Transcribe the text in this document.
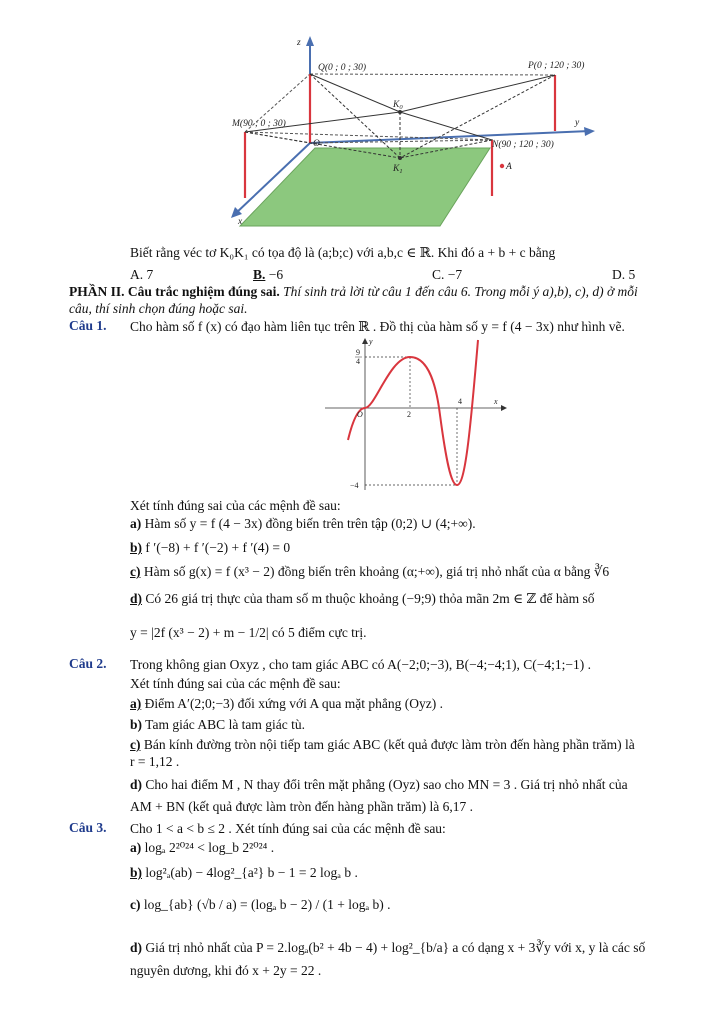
z
y
x
Q(0 ; 0 ; 30)	P(0 ; 120 ; 30)
M(90 ; 0 ; 30)
N(90 ; 120 ; 30)
O
$K_0$
$K_1$	A
Biết rằng véc tơ K₀K₁ có tọa độ là (a;b;c) với a,b,c ∈ ℝ. Khi đó a + b + c bằng
A. 7	B. −6	C. −7	D. 5
PHẦN II. Câu trắc nghiệm đúng sai. Thí sinh trả lời từ câu 1 đến câu 6. Trong mỗi ý a),b), c), d) ở mỗi
câu, thí sinh chọn đúng hoặc sai.
Câu 1. Cho hàm số f (x) có đạo hàm liên tục trên ℝ . Đồ thị của hàm số y = f (4 − 3x) như hình vẽ.
y
x
O	2
4
9
4
−4
Xét tính đúng sai của các mệnh đề sau:
a) Hàm số y = f (4 − 3x) đồng biến trên trên tập (0;2) ∪ (4;+∞).
b) f ′(−8) + f ′(−2) + f ′(4) = 0
c) Hàm số g(x) = f (x³ − 2) đồng biến trên khoảng (α;+∞), giá trị nhỏ nhất của α bằng ∛6
d) Có 26 giá trị thực của tham số m thuộc khoảng (−9;9) thỏa mãn 2m ∈ ℤ để hàm số
y = |2f (x³ − 2) + m − 1/2| có 5 điểm cực trị.
Câu 2. Trong không gian Oxyz , cho tam giác ABC có A(−2;0;−3), B(−4;−4;1), C(−4;1;−1) .
Xét tính đúng sai của các mệnh đề sau:
a) Điểm A′(2;0;−3) đối xứng với A qua mặt phẳng (Oyz) .
b) Tam giác ABC là tam giác tù.
c) Bán kính đường tròn nội tiếp tam giác ABC (kết quả được làm tròn đến hàng phần trăm) là
r = 1,12 .
d) Cho hai điểm M , N thay đổi trên mặt phẳng (Oyz) sao cho MN = 3 . Giá trị nhỏ nhất của
AM + BN (kết quả được làm tròn đến hàng phần trăm) là 6,17 .
Câu 3. Cho 1 < a < b ≤ 2 . Xét tính đúng sai của các mệnh đề sau:
a) logₐ 2²⁰²⁴ < log_b 2²⁰²⁴ .
b) log²ₐ(ab) − 4log²_{a²} b − 1 = 2 logₐ b .
c) log_{ab} (√b / a) = (logₐ b − 2) / (1 + logₐ b) .
d) Giá trị nhỏ nhất của P = 2.logₐ(b² + 4b − 4) + log²_{b/a} a có dạng x + 3∛y với x, y là các số
nguyên dương, khi đó x + 2y = 22 .
